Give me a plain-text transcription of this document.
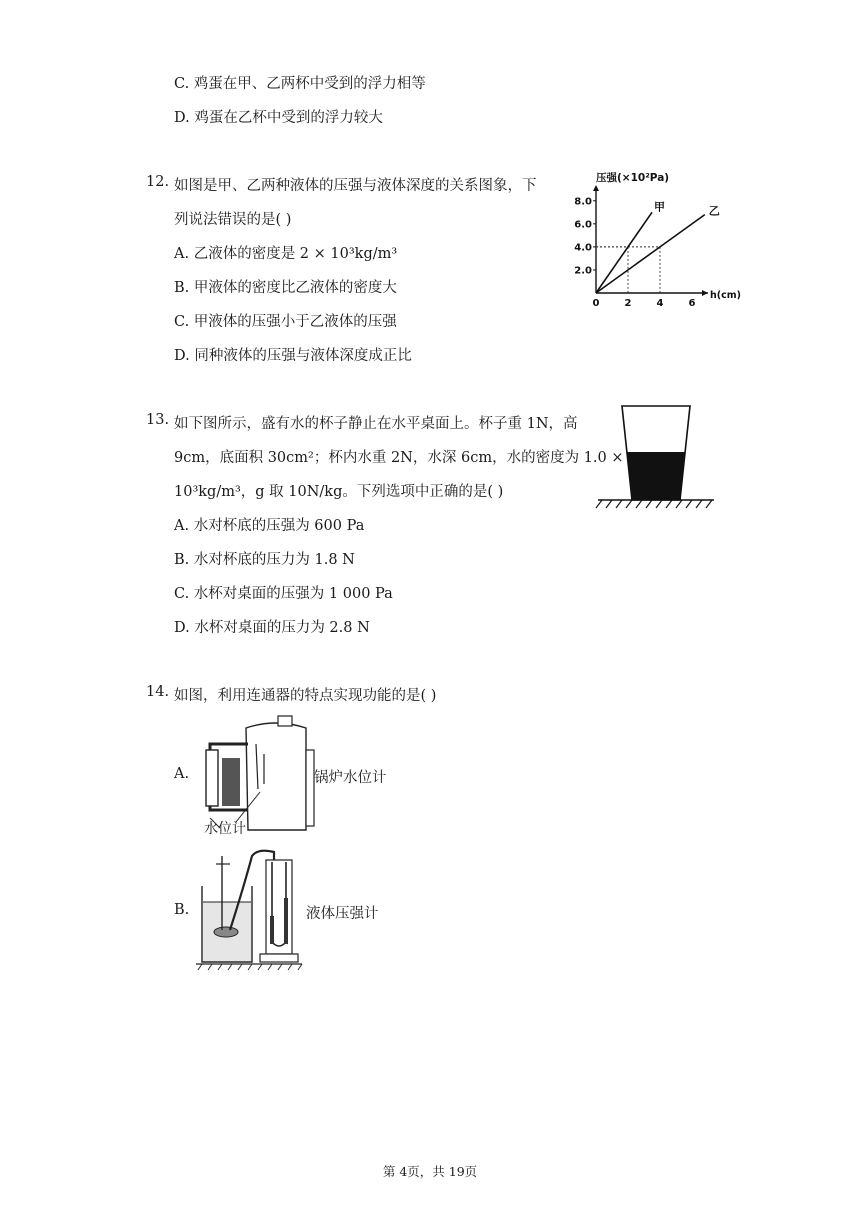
C. 鸡蛋在甲、乙两杯中受到的浮力相等
D. 鸡蛋在乙杯中受到的浮力较大
12. 如图是甲、乙两种液体的压强与液体深度的关系图象，下
列说法错误的是( )
A. 乙液体的密度是 2 × 10³kg/m³
B. 甲液体的密度比乙液体的密度大
C. 甲液体的压强小于乙液体的压强
D. 同种液体的压强与液体深度成正比
压强(×10²Pa)
h(cm)
8.0
6.0
4.0
2.0
0	2	4	6
甲	乙
13. 如下图所示，盛有水的杯子静止在水平桌面上。杯子重 1N，高
9cm，底面积 30cm²；杯内水重 2N，水深 6cm，水的密度为 1.0 ×
10³kg/m³，g 取 10N/kg。下列选项中正确的是( )
A. 水对杯底的压强为 600 Pa
B. 水对杯底的压力为 1.8 N
C. 水杯对桌面的压强为 1 000 Pa
D. 水杯对桌面的压力为 2.8 N
14. 如图，利用连通器的特点实现功能的是( )
A.	锅炉水位计
水位计
B.	液体压强计
第 4页，共 19页
